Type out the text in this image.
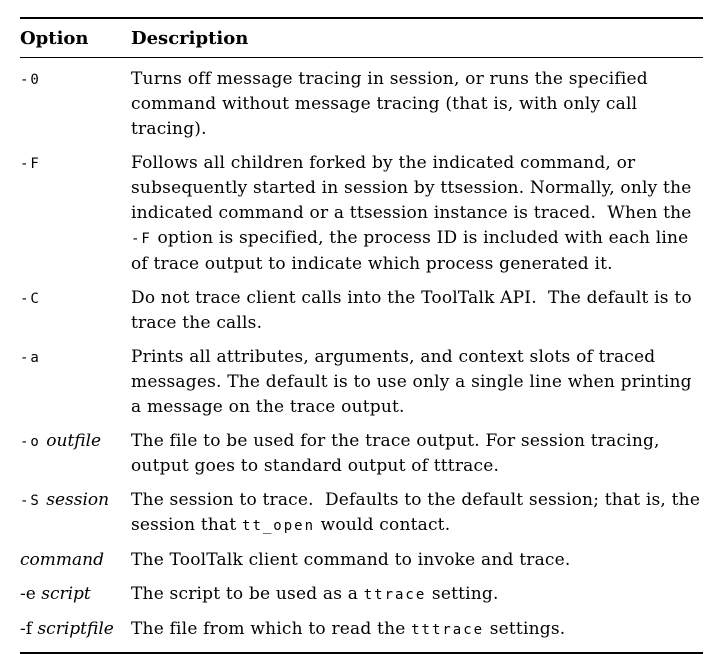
Option	Description
-0	Turns off message tracing in session, or runs the specified command without message tracing (that is, with only call tracing).
-F	Follows all children forked by the indicated command, or subsequently started in session by ttsession. Normally, only the indicated command or a ttsession instance is traced.  When the -F option is specified, the process ID is included with each line of trace output to indicate which process generated it.
-C	Do not trace client calls into the ToolTalk API.  The default is to trace the calls.
-a	Prints all attributes, arguments, and context slots of traced messages. The default is to use only a single line when printing a message on the trace output.
-o outfile	The file to be used for the trace output. For session tracing, output goes to standard output of tttrace.
-S session	The session to trace.  Defaults to the default session; that is, the session that tt_open would contact.
command	The ToolTalk client command to invoke and trace.
-e script	The script to be used as a ttrace setting.
-f scriptfile	The file from which to read the tttrace settings.
